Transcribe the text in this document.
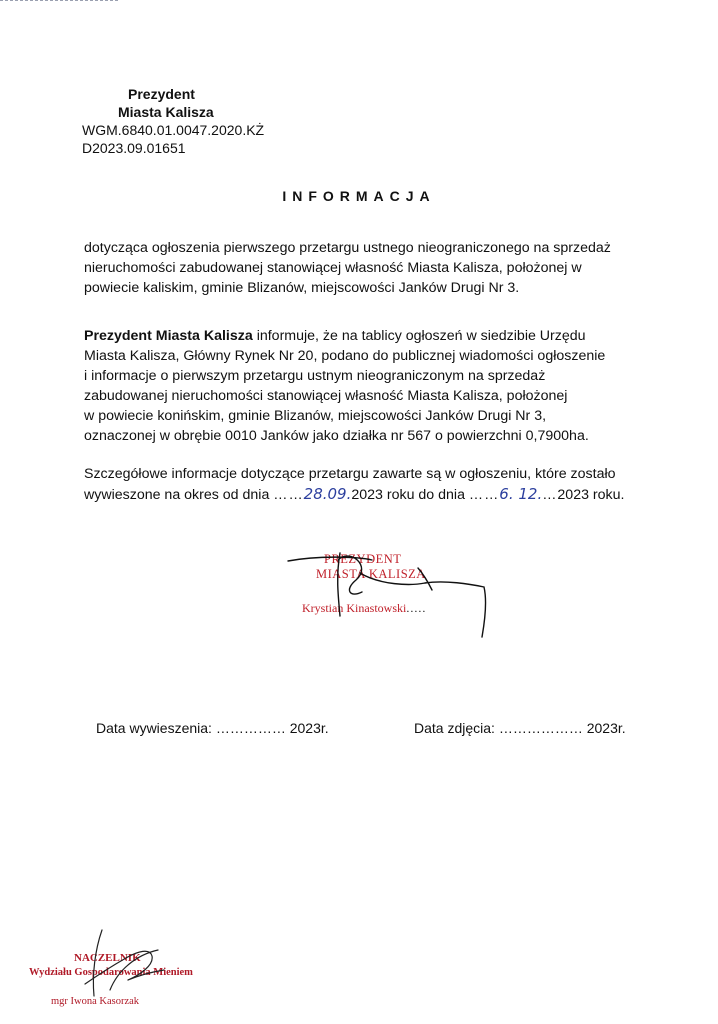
Prezydent
Miasta Kalisza
WGM.6840.01.0047.2020.KŻ
D2023.09.01651
INFORMACJA
dotycząca ogłoszenia pierwszego przetargu ustnego nieograniczonego na sprzedaż
nieruchomości zabudowanej stanowiącej własność Miasta Kalisza, położonej w
powiecie kaliskim, gminie Blizanów, miejscowości Janków Drugi Nr 3.
Prezydent Miasta Kalisza informuje, że na tablicy ogłoszeń w siedzibie Urzędu
Miasta Kalisza, Główny Rynek Nr 20, podano do publicznej wiadomości ogłoszenie
i informacje o pierwszym przetargu ustnym nieograniczonym na sprzedaż
zabudowanej nieruchomości stanowiącej własność Miasta Kalisza, położonej
w powiecie konińskim, gminie Blizanów, miejscowości Janków Drugi Nr 3,
oznaczonej w obrębie 0010 Janków jako działka nr 567 o powierzchni 0,7900ha.
Szczegółowe informacje dotyczące przetargu zawarte są w ogłoszeniu, które zostało
wywieszone na okres od dnia ……28.09.2023 roku do dnia ……6. 12.…2023 roku.
PREZYDENT
MIASTA KALISZA
Krystian Kinastowski.....
Data wywieszenia: …………… 2023r.	Data zdjęcia: ……………… 2023r.
NACZELNIK
Wydziału Gospodarowania Mieniem
mgr Iwona Kasorzak
